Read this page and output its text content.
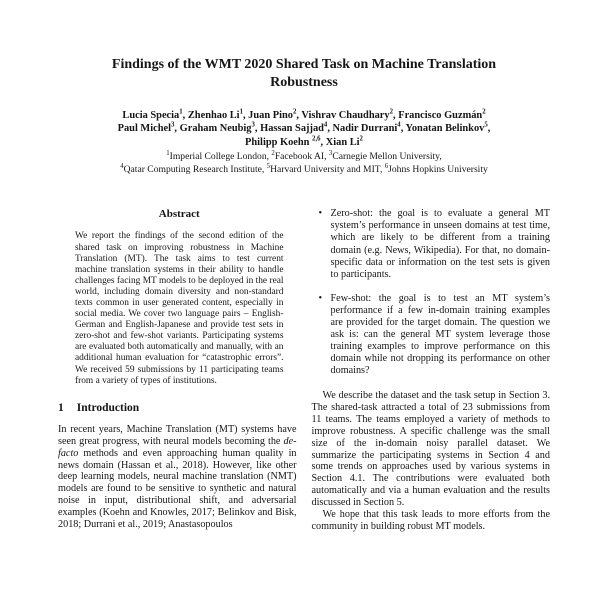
Findings of the WMT 2020 Shared Task on Machine Translation
Robustness
Lucia Specia$^1$, Zhenhao Li$^1$, Juan Pino$^2$, Vishrav Chaudhary$^2$, Francisco Guzmán$^2$
Paul Michel$^3$, Graham Neubig$^3$, Hassan Sajjad$^4$, Nadir Durrani$^4$, Yonatan Belinkov$^5$,
Philipp Koehn $^{2,6}$, Xian Li$^2$
$^1$Imperial College London, $^2$Facebook AI, $^3$Carnegie Mellon University,
$^4$Qatar Computing Research Institute, $^5$Harvard University and MIT, $^6$Johns Hopkins University
Abstract

We report the findings of the second edition of the shared task on improving robustness in Machine Translation (MT). The task aims to test current machine translation systems in their ability to handle challenges facing MT models to be deployed in the real world, including domain diversity and non-standard texts common in user generated content, especially in social media. We cover two language pairs – English-German and English-Japanese and provide test sets in zero-shot and few-shot variants. Participating systems are evaluated both automatically and manually, with an additional human evaluation for “catastrophic errors”. We received 59 submissions by 11 participating teams from a variety of types of institutions.

1 Introduction

In recent years, Machine Translation (MT) systems have seen great progress, with neural models becoming the de-facto methods and even approaching human quality in news domain (Hassan et al., 2018). However, like other deep learning models, neural machine translation (NMT) models are found to be sensitive to synthetic and natural noise in input, distributional shift, and adversarial examples (Koehn and Knowles, 2017; Belinkov and Bisk, 2018; Durrani et al., 2019; Anastasopoulos

• Zero-shot: the goal is to evaluate a general MT system’s performance in unseen domains at test time, which are likely to be different from a training domain (e.g. News, Wikipedia). For that, no domain-specific data or information on the test sets is given to participants.
• Few-shot: the goal is to test an MT system’s performance if a few in-domain training examples are provided for the target domain. The question we ask is: can the general MT system leverage those training examples to improve performance on this domain while not dropping its performance on other domains?

We describe the dataset and the task setup in Section 3. The shared-task attracted a total of 23 submissions from 11 teams. The teams employed a variety of methods to improve robustness. A specific challenge was the small size of the in-domain noisy parallel dataset. We summarize the participating systems in Section 4 and some trends on approaches used by various systems in Section 4.1. The contributions were evaluated both automatically and via a human evaluation and the results discussed in Section 5.

We hope that this task leads to more efforts from the community in building robust MT models.
